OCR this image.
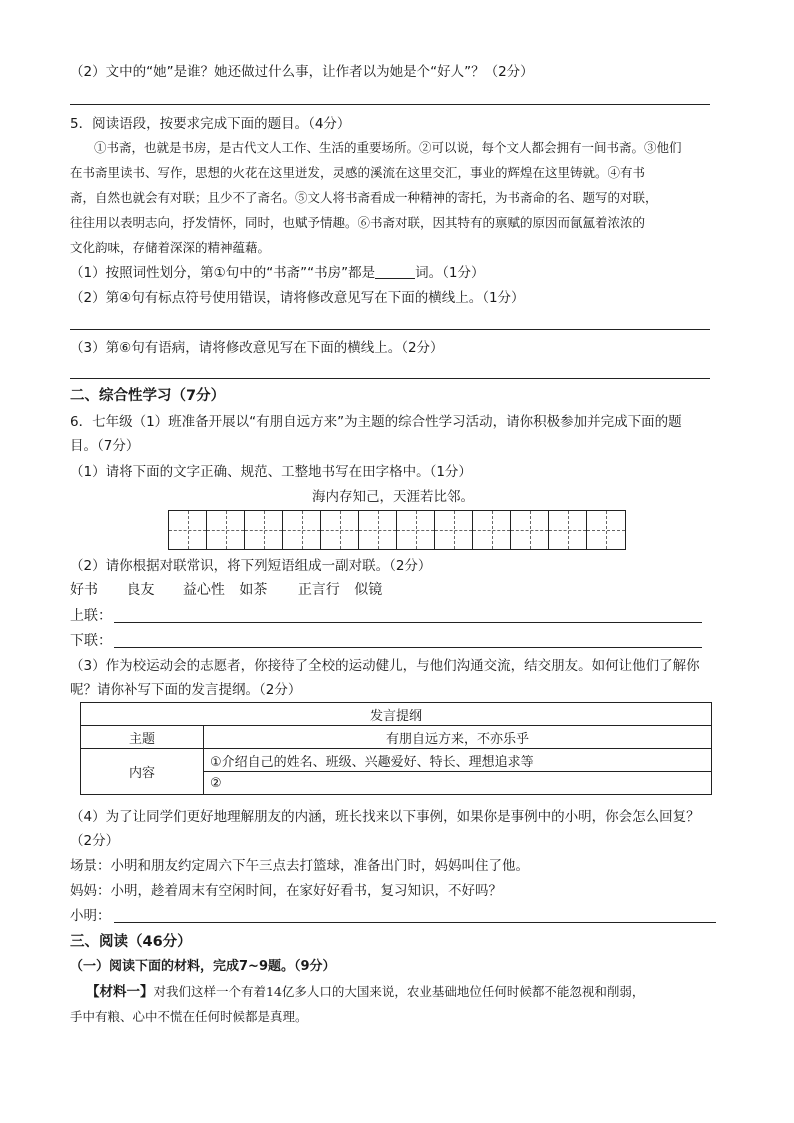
（2）文中的“她”是谁？她还做过什么事，让作者以为她是个“好人”？（2分）
5．阅读语段，按要求完成下面的题目。（4分）
①书斋，也就是书房，是古代文人工作、生活的重要场所。②可以说，每个文人都会拥有一间书斋。③他们
在书斋里读书、写作，思想的火花在这里迸发，灵感的溪流在这里交汇，事业的辉煌在这里铸就。④有书
斋，自然也就会有对联；且少不了斋名。⑤文人将书斋看成一种精神的寄托，为书斋命的名、题写的对联，
往往用以表明志向，抒发情怀，同时，也赋予情趣。⑥书斋对联，因其特有的禀赋的原因而氤氲着浓浓的
文化韵味，存储着深深的精神蕴藉。
（1）按照词性划分，第①句中的“书斋”“书房”都是	词。（1分）
（2）第④句有标点符号使用错误，请将修改意见写在下面的横线上。（1分）
（3）第⑥句有语病，请将修改意见写在下面的横线上。（2分）
二、综合性学习（7分）
6．七年级（1）班准备开展以“有朋自远方来”为主题的综合性学习活动，请你积极参加并完成下面的题
目。（7分）
（1）请将下面的文字正确、规范、工整地书写在田字格中。（1分）
海内存知己，天涯若比邻。
（2）请你根据对联常识，将下列短语组成一副对联。（2分）
好书 良友 益心性 如茶 正言行 似镜
上联：
下联：
（3）作为校运动会的志愿者，你接待了全校的运动健儿，与他们沟通交流，结交朋友。如何让他们了解你
呢？请你补写下面的发言提纲。（2分）
发言提纲	
主题	有朋自远方来，不亦乐乎
内容	①介绍自己的姓名、班级、兴趣爱好、特长、理想追求等
	②
（4）为了让同学们更好地理解朋友的内涵，班长找来以下事例，如果你是事例中的小明，你会怎么回复？
（2分）
场景：小明和朋友约定周六下午三点去打篮球，准备出门时，妈妈叫住了他。
妈妈：小明，趁着周末有空闲时间，在家好好看书，复习知识，不好吗？
小明：
三、阅读（46分）
（一）阅读下面的材料，完成7~9题。（9分）
【材料一】对我们这样一个有着14亿多人口的大国来说，农业基础地位任何时候都不能忽视和削弱，
手中有粮、心中不慌在任何时候都是真理。
